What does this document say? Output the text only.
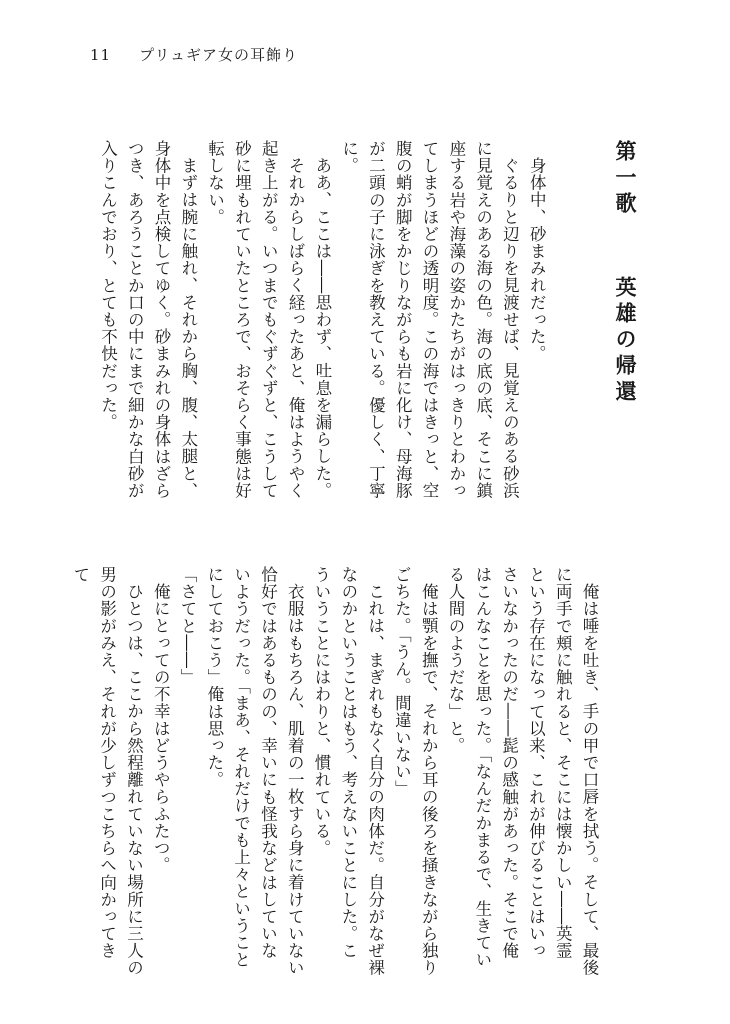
11 プリュギア女の耳飾り

第一歌英雄の帰還

身体中、砂まみれだった。

ぐるりと辺りを見渡せば、見覚えのある砂浜に見覚えのある海の色。海の底の底、そこに鎮座する岩や海藻の姿かたちがはっきりとわかってしまうほどの透明度。この海ではきっと、空腹の蛸が脚をかじりながらも岩に化け、母海豚が二頭の子に泳ぎを教えている。優しく、丁寧に。

ああ、ここは――思わず、吐息を漏らした。

それからしばらく経ったあと、俺はようやく起き上がる。いつまでもぐずぐずと、こうして砂に埋もれていたところで、おそらく事態は好転しない。

まずは腕に触れ、それから胸、腹、太腿と、身体中を点検してゆく。砂まみれの身体はざらつき、あろうことか口の中にまで細かな白砂が入りこんでおり、とても不快だった。

俺は唾を吐き、手の甲で口唇を拭う。そして、最後に両手で頬に触れると、そこには懐かしい――英霊という存在になって以来、これが伸びることはいっさいなかったのだ――髭の感触があった。そこで俺はこんなことを思った。「なんだかまるで、生きている人間のようだな」と。

俺は顎を撫で、それから耳の後ろを掻きながら独りごちた。「うん。間違いない」

これは、まぎれもなく自分の肉体だ。自分がなぜ裸なのかということはもう、考えないことにした。こういうことにはわりと、慣れている。

衣服はもちろん、肌着の一枚すら身に着けていない恰好ではあるものの、幸いにも怪我などはしていないようだった。「まあ、それだけでも上々ということにしておこう」俺は思った。

「さてと――」

俺にとっての不幸はどうやらふたつ。

ひとつは、ここから然程離れていない場所に三人の男の影がみえ、それが少しずつこちらへ向かってきて
